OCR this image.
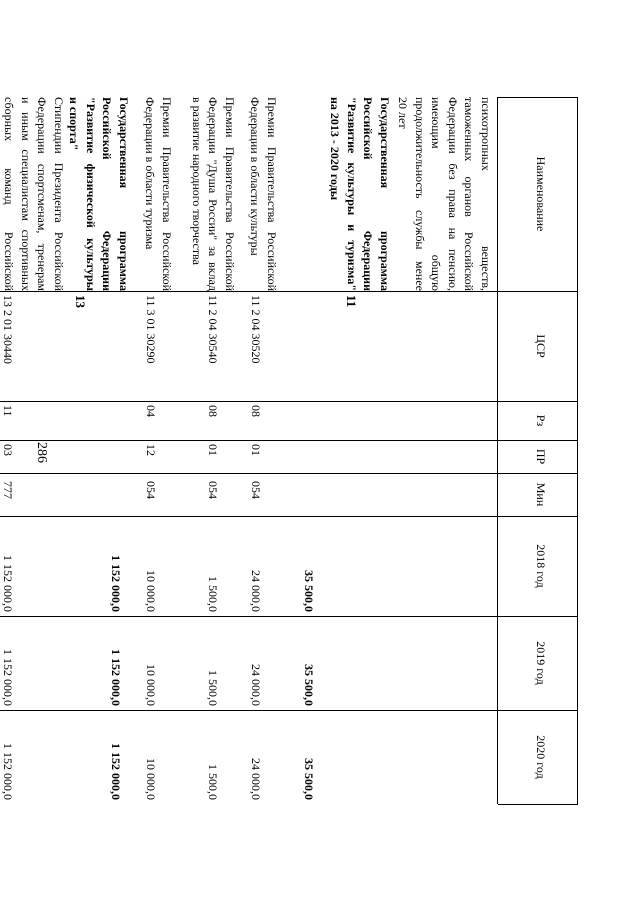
286
Наименование
ЦСР
Рз
ПР
Мин
2018 год
2019 год
2020 год
психотропных веществ,
таможенных органов Российской
Федерации без права на пенсию,
имеющим общую
продолжительность службы менее
20 лет
Государственная программа
Российской Федерации
"Развитие культуры и туризма"
на 2013 - 2020 годы
11
35 500,0
35 500,0
35 500,0
Премии Правительства Российской
Федерации в области культуры
11 2 04 30520
08
01
054
24 000,0
24 000,0
24 000,0
Премии Правительства Российской
Федерации "Душа России" за вклад
в развитие народного творчества
11 2 04 30540
08
01
054
1 500,0
1 500,0
1 500,0
Премии Правительства Российской
Федерации в области туризма
11 3 01 30290
04
12
054
10 000,0
10 000,0
10 000,0
Государственная программа
Российской Федерации
"Развитие физической культуры
и спорта"
13
1 152 000,0
1 152 000,0
1 152 000,0
Стипендии Президента Российской
Федерации спортсменам, тренерам
и иным специалистам спортивных
сборных команд Российской
13 2 01 30440
11
03
777
1 152 000,0
1 152 000,0
1 152 000,0
